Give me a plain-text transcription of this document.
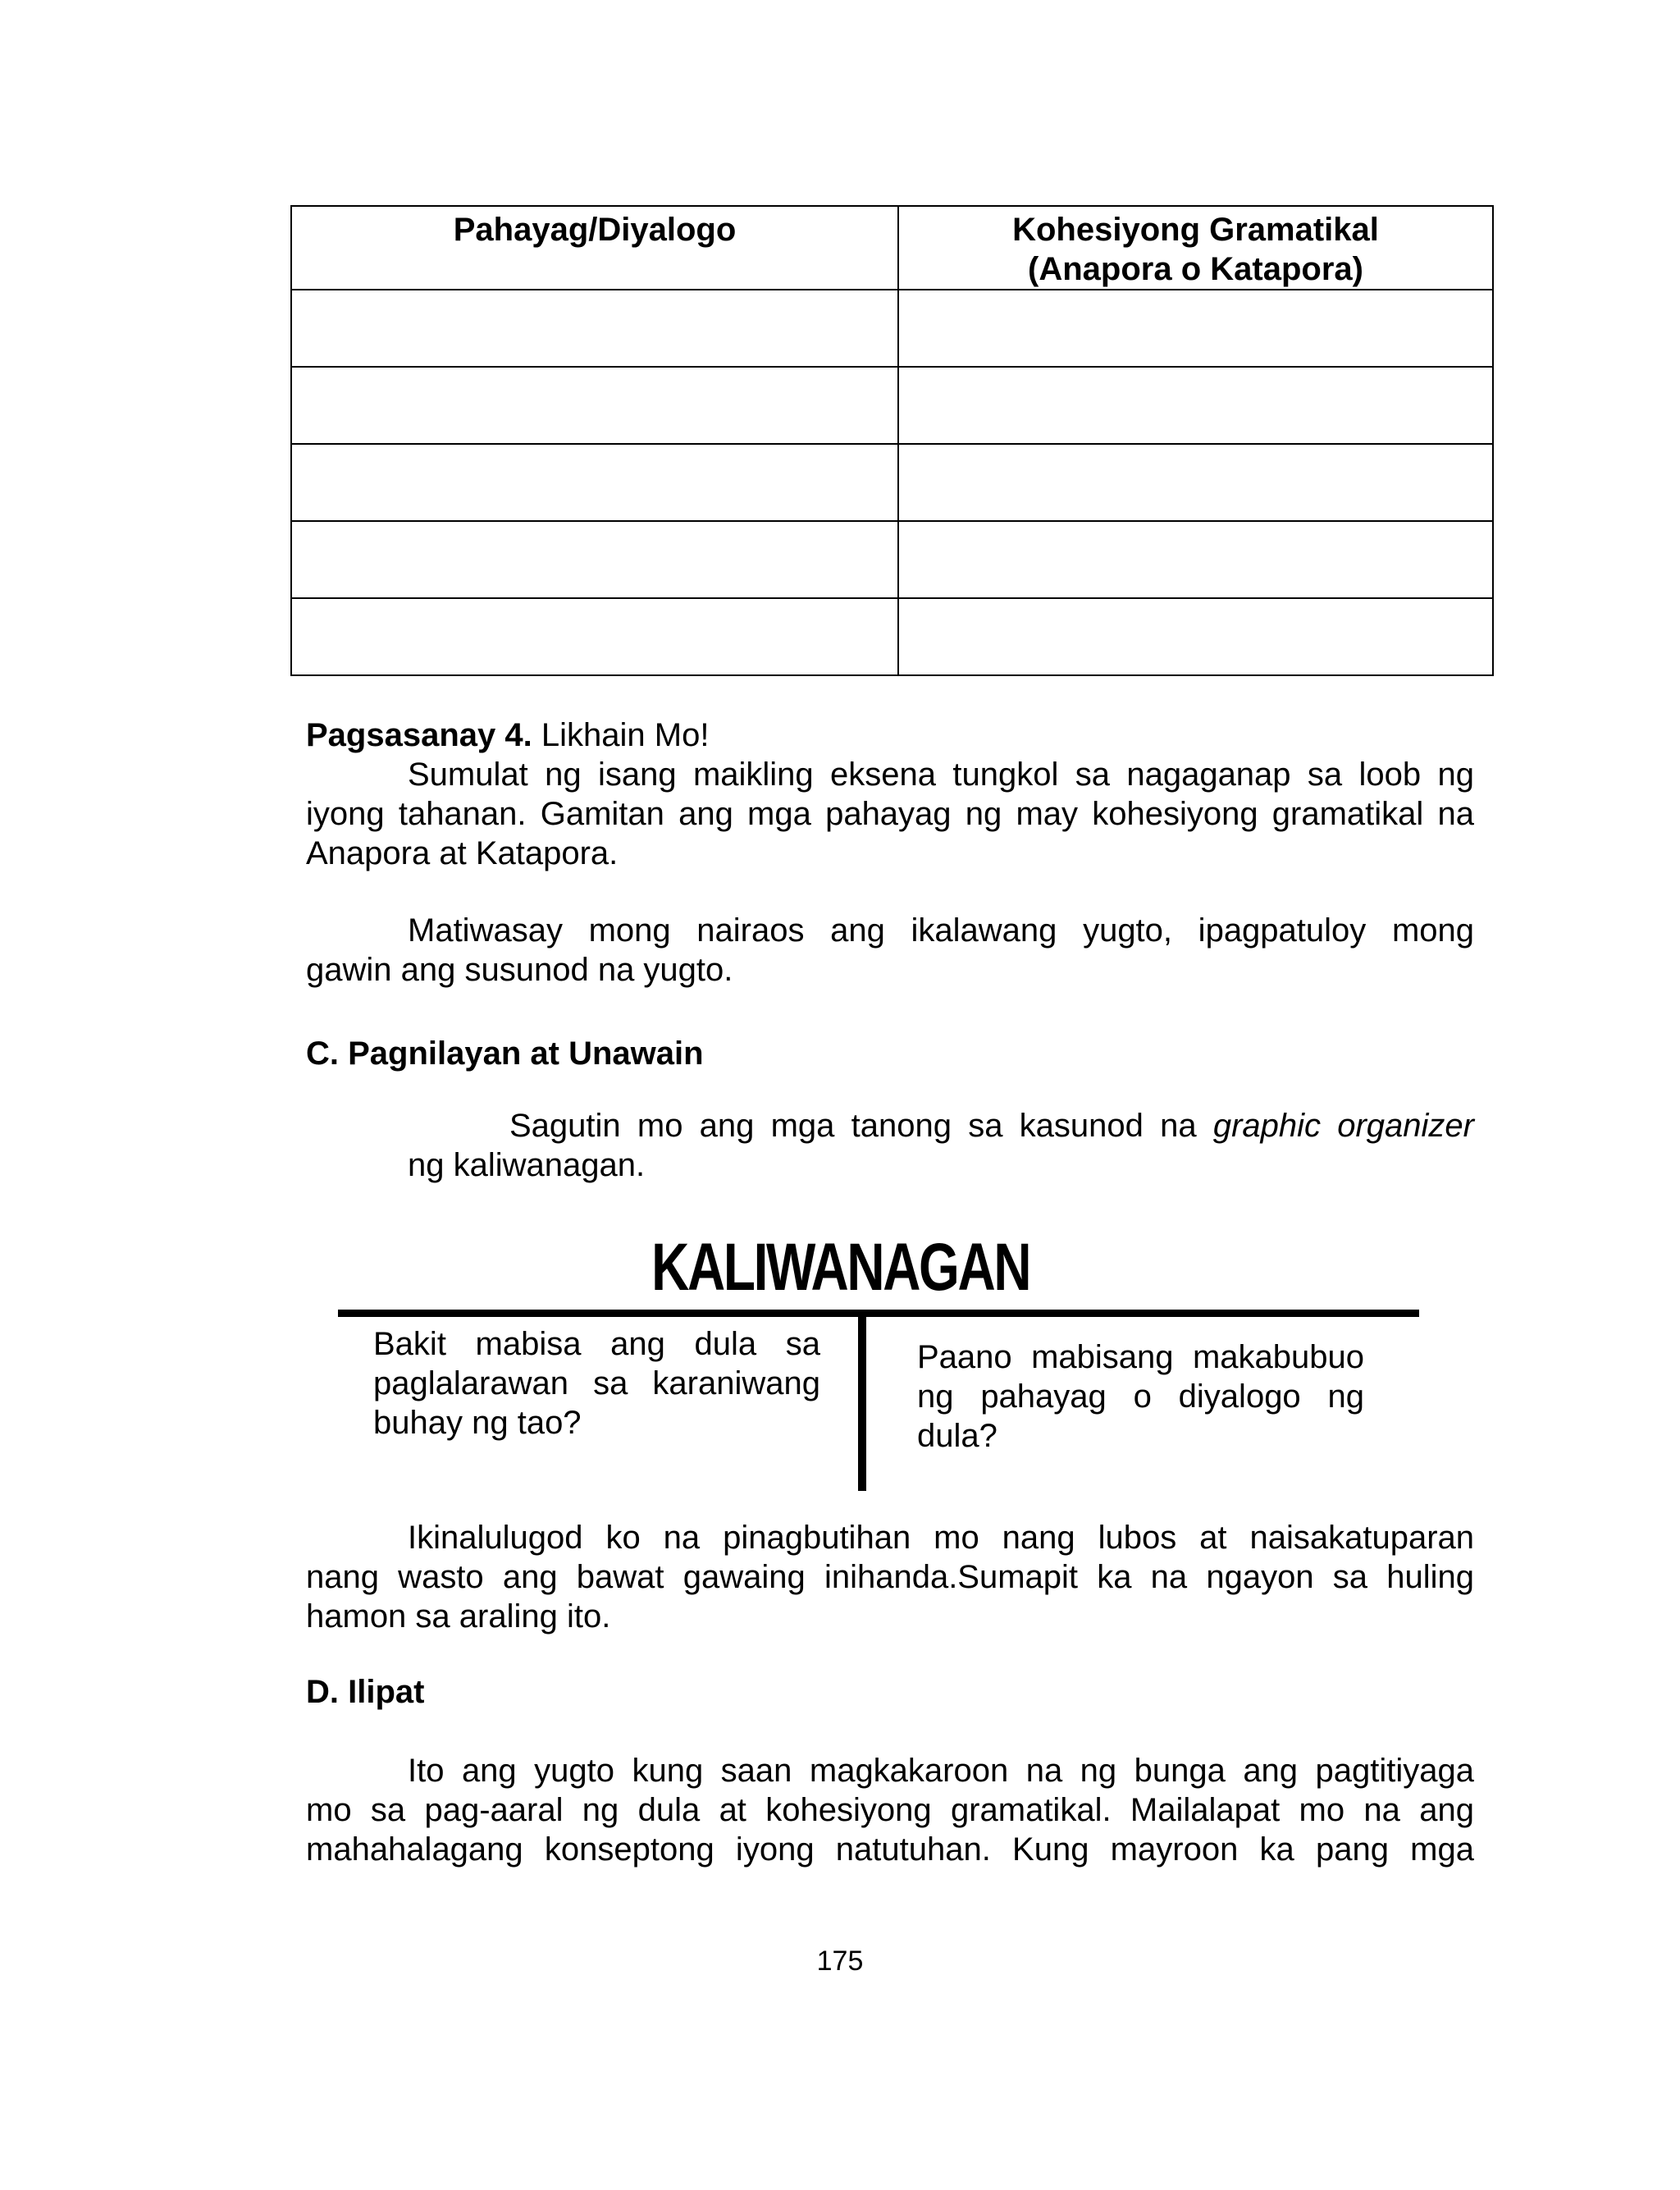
Pahayag/Diyalogo	Kohesiyong Gramatikal
(Anapora o Katapora)

Pagsasanay 4. Likhain Mo!
Sumulat ng isang maikling eksena tungkol sa nagaganap sa loob ng
iyong tahanan. Gamitan ang mga pahayag ng may kohesiyong gramatikal na
Anapora at Katapora.
Matiwasay mong nairaos ang ikalawang yugto, ipagpatuloy mong
gawin ang susunod na yugto.
C. Pagnilayan at Unawain
Sagutin mo ang mga tanong sa kasunod na graphic organizer
ng kaliwanagan.
KALIWANAGAN
Bakit mabisa ang dula sa
paglalarawan sa karaniwang
buhay ng tao?
Paano mabisang makabubuo
ng pahayag o diyalogo ng
dula?
Ikinalulugod ko na pinagbutihan mo nang lubos at naisakatuparan
nang wasto ang bawat gawaing inihanda.Sumapit ka na ngayon sa huling
hamon sa araling ito.
D. Ilipat
Ito ang yugto kung saan magkakaroon na ng bunga ang pagtitiyaga
mo sa pag-aaral ng dula at kohesiyong gramatikal. Mailalapat mo na ang
mahahalagang konseptong iyong natutuhan. Kung mayroon ka pang mga
175
